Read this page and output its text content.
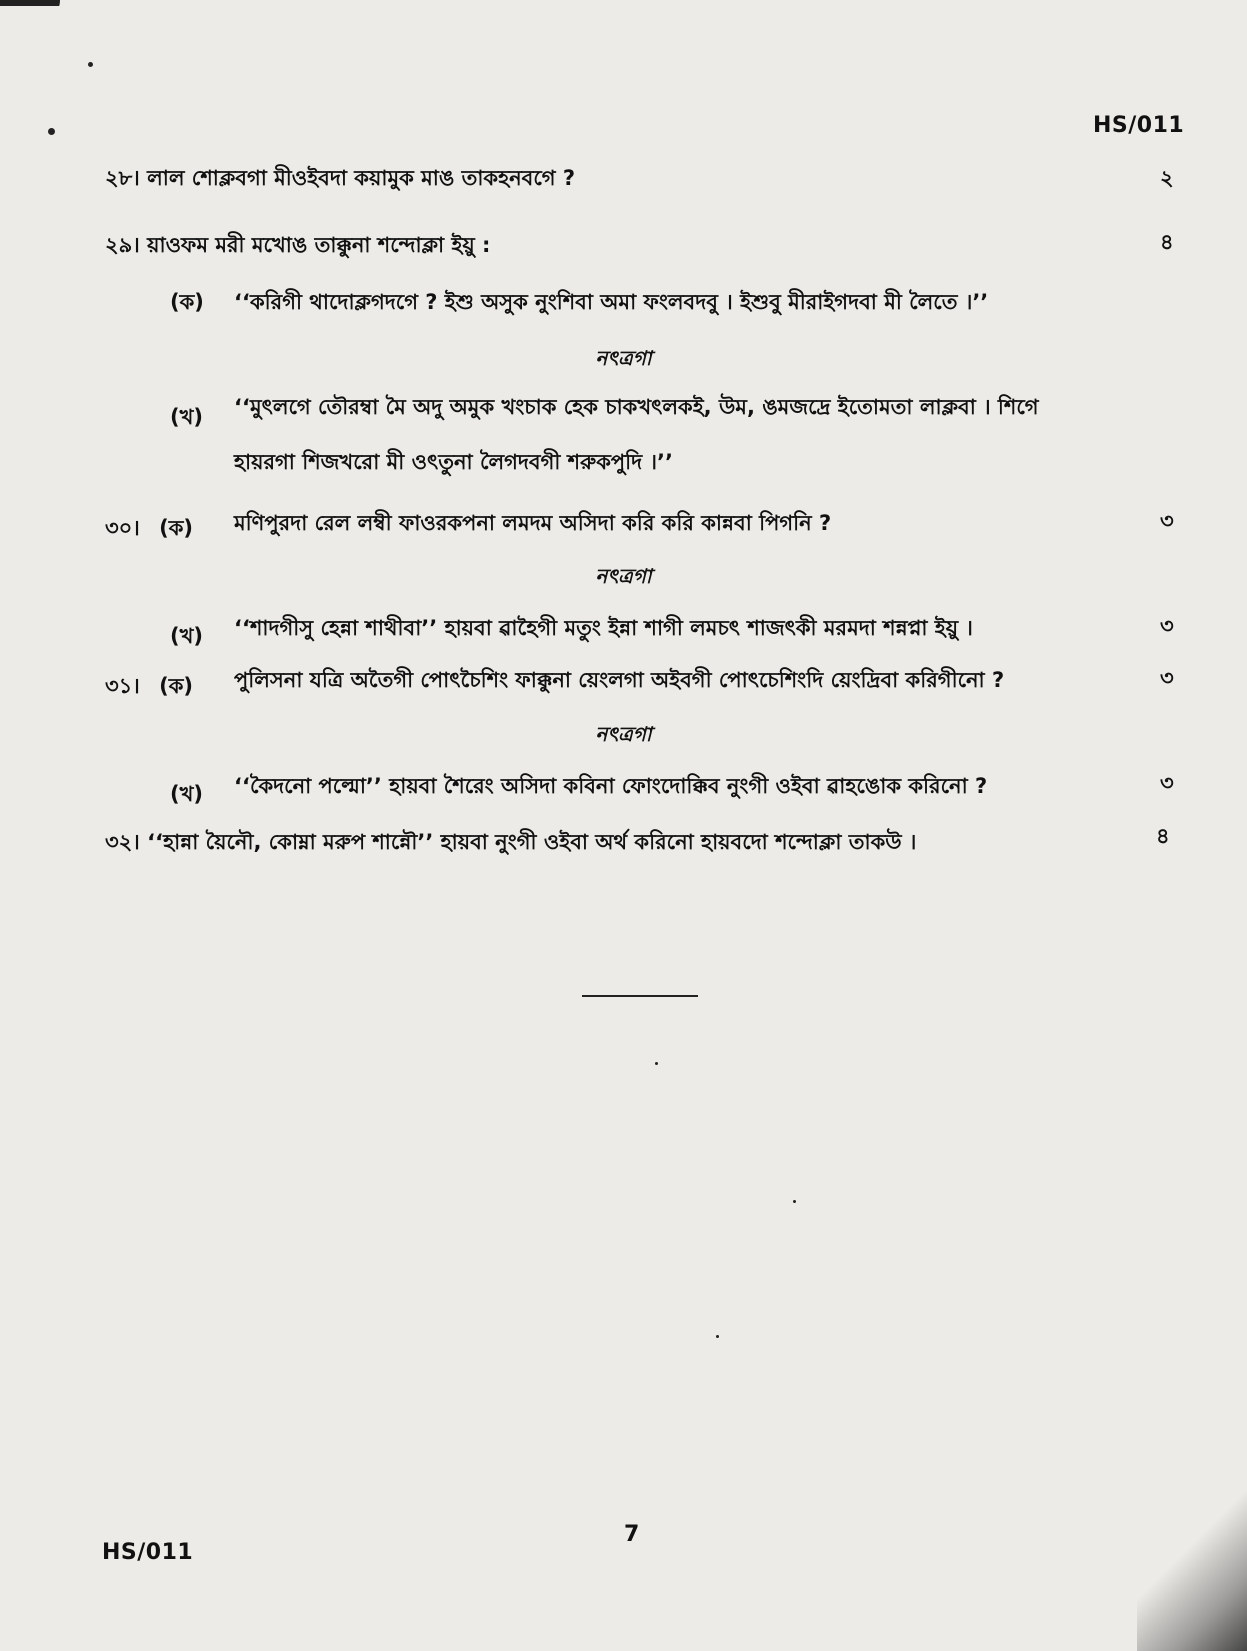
HS/011
২৮। লাল শোক্লবগা মীওইবদা কয়ামুক মাঙ তাকহনবগে ?	২
২৯। য়াওফম মরী মখোঙ তাক্কুনা শন্দোক্লা ইয়ু :	৪
(ক) ‘‘করিগী থাদোক্লগদগে ? ইশু অসুক নুংশিবা অমা ফংলবদবু । ইশুবু মীরাইগদবা মী লৈতে ।’’
নৎত্রগা
(খ) ‘‘মুৎলগে তৌরম্বা মৈ অদু অমুক খংচাক হেক চাকখৎলকই, উম, ঙমজদ্রে ইতোমতা লাক্লবা । শিগে
হায়রগা শিজখরো মী ওৎতুনা লৈগদবগী শরুকপুদি ।’’
৩০। (ক) মণিপুরদা রেল লম্বী ফাওরকপনা লমদম অসিদা করি করি কান্নবা পিগনি ?	৩
নৎত্রগা
(খ) ‘‘শাদগীসু হেন্না শাথীবা’’ হায়বা ৱাহৈগী মতুং ইন্না শাগী লমচৎ শাজৎকী মরমদা শন্নপ্না ইয়ু ।	৩
৩১। (ক) পুলিসনা যত্রি অতৈগী পোৎচৈশিং ফাক্কুনা য়েংলগা অইবগী পোৎচেশিংদি য়েংদ্রিবা করিগীনো ?	৩
নৎত্রগা
(খ) ‘‘কৈদনো পল্মো’’ হায়বা শৈরেং অসিদা কবিনা ফোংদোক্কিব নুংগী ওইবা ৱাহঙোক করিনো ?	৩
৩২। ‘‘হান্না য়ৈনৌ, কোম্না মরুপ শান্নৌ’’ হায়বা নুংগী ওইবা অর্থ করিনো হায়বদো শন্দোক্লা তাকউ ।	৪
7
HS/011
